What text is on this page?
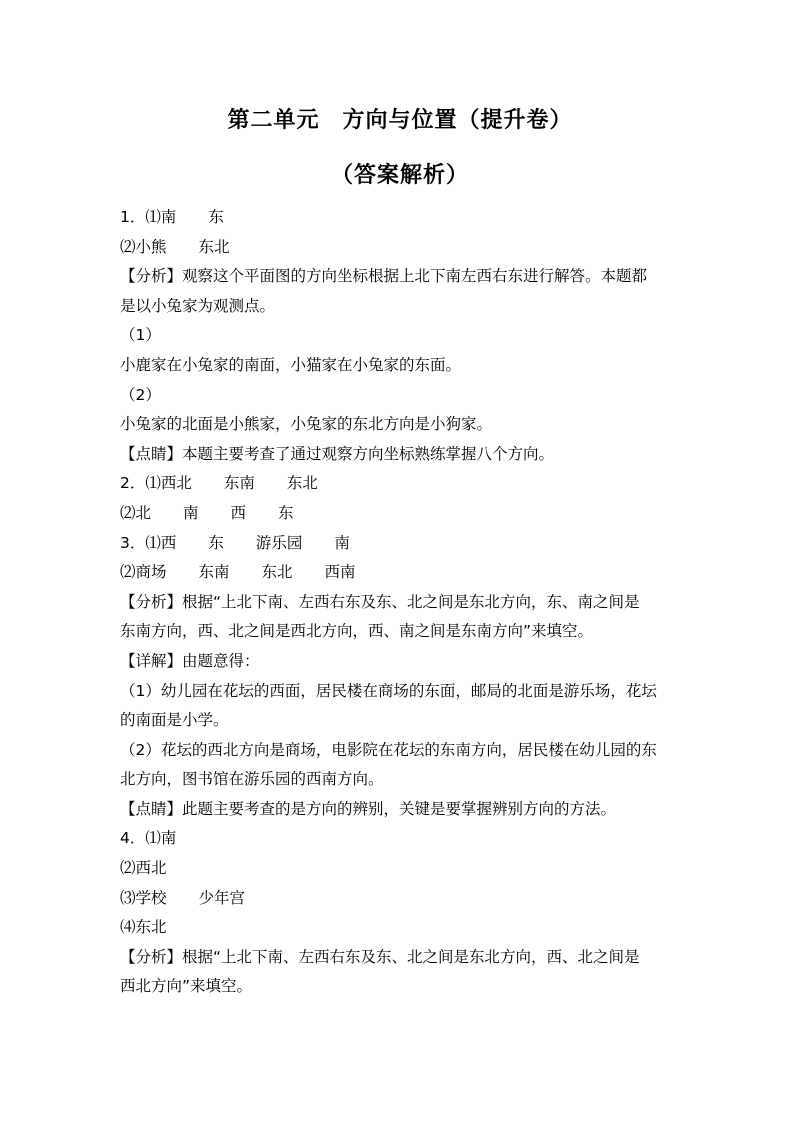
第二单元　方向与位置（提升卷）
（答案解析）
1．⑴南 东
⑵小熊 东北
【分析】观察这个平面图的方向坐标根据上北下南左西右东进行解答。本题都
是以小兔家为观测点。
（1）
小鹿家在小兔家的南面，小猫家在小兔家的东面。
（2）
小兔家的北面是小熊家，小兔家的东北方向是小狗家。
【点睛】本题主要考查了通过观察方向坐标熟练掌握八个方向。
2．⑴西北 东南 东北
⑵北 南 西 东
3．⑴西 东 游乐园 南
⑵商场 东南 东北 西南
【分析】根据“上北下南、左西右东及东、北之间是东北方向，东、南之间是
东南方向，西、北之间是西北方向，西、南之间是东南方向”来填空。
【详解】由题意得：
（1）幼儿园在花坛的西面，居民楼在商场的东面，邮局的北面是游乐场，花坛
的南面是小学。
（2）花坛的西北方向是商场，电影院在花坛的东南方向，居民楼在幼儿园的东
北方向，图书馆在游乐园的西南方向。
【点睛】此题主要考查的是方向的辨别，关键是要掌握辨别方向的方法。
4．⑴南
⑵西北
⑶学校 少年宫
⑷东北
【分析】根据“上北下南、左西右东及东、北之间是东北方向，西、北之间是
西北方向”来填空。
